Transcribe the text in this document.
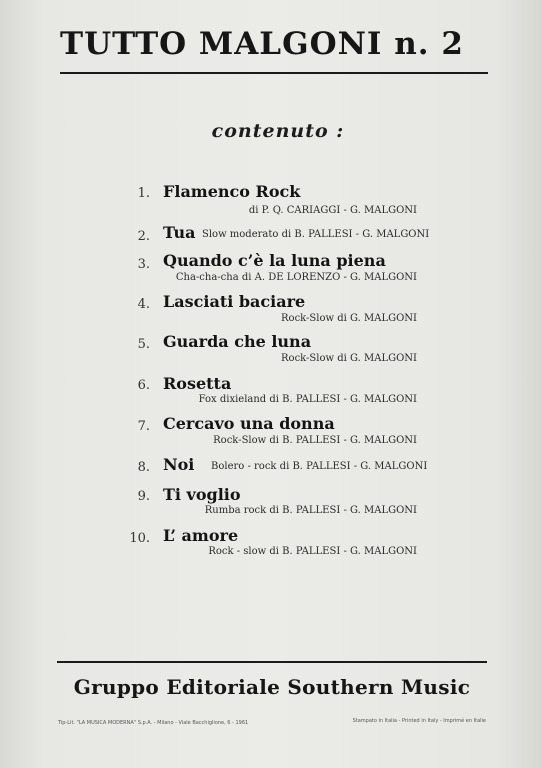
TUTTO MALGONI n. 2
contenuto :
1. Flamenco Rock
di P. Q. CARIAGGI - G. MALGONI
2. Tua Slow moderato di B. PALLESI - G. MALGONI
3. Quando c’è la luna piena
Cha-cha-cha di A. DE LORENZO - G. MALGONI
4. Lasciati baciare
Rock-Slow di G. MALGONI
5. Guarda che luna
Rock-Slow di G. MALGONI
6. Rosetta
Fox dixieland di B. PALLESI - G. MALGONI
7. Cercavo una donna
Rock-Slow di B. PALLESI - G. MALGONI
8. Noi Bolero - rock di B. PALLESI - G. MALGONI
9. Ti voglio
Rumba rock di B. PALLESI - G. MALGONI
10. L’ amore
Rock - slow di B. PALLESI - G. MALGONI
Gruppo Editoriale Southern Music
Tip-Lit. "LA MUSICA MODERNA" S.p.A. - Milano - Viale Bacchiglione, 6 - 1961	Stampato in Italia - Printed in Italy - Imprimé en Italie
